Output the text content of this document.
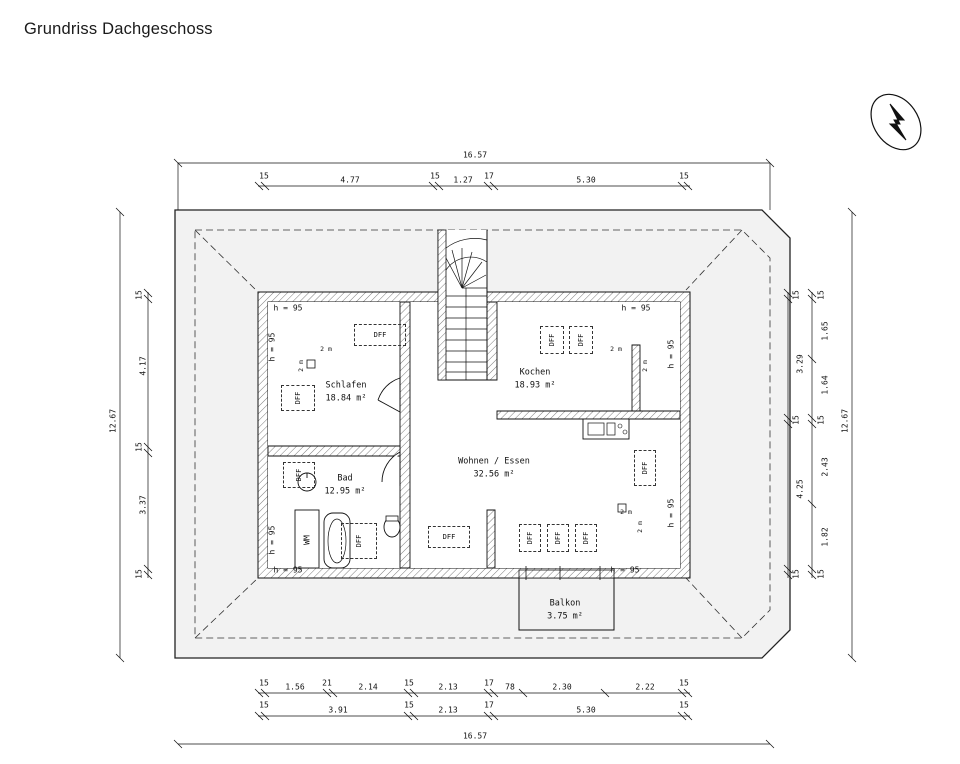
Grundriss Dachgeschoss
Schlafen
18.84 m²
Kochen
18.93 m²
Wohnen / Essen
32.56 m²
Bad
12.95 m²
Balkon
3.75 m²
WM
DFF
DFF
DFF
DFF	DFF	DFF	DFF	DFF
DFF	DFF
DFF
h = 95	h = 95
h = 95	h = 95
h = 95
h = 95
h = 95	h = 95
2 m
2 m
2 m
2 m
2 m
2 m
16.57
15	4.77	15 1.27 17	5.30	15
12.67
15
4.17
15
3.37
15
12.67
15
3.29
15
4.25
15
15
1.65
1.64
15
2.43
1.82
15
15 1.56 21	2.14	15	2.13	17 78	2.30	2.22	15
15
3.91
15
2.13
17
5.30
15
16.57
